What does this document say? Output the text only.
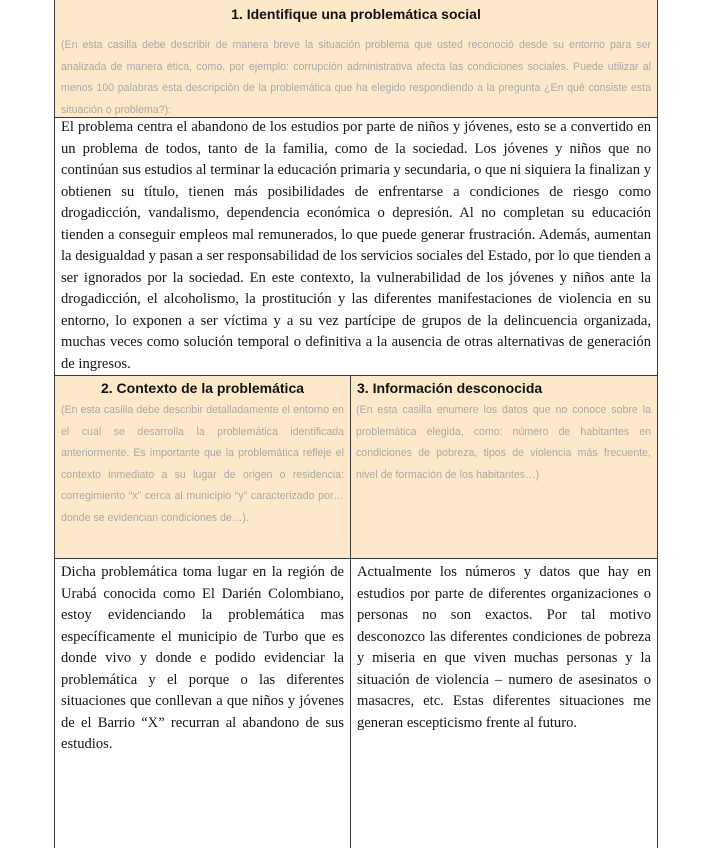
1. Identifique una problemática social
(En esta casilla debe describir de manera breve la situación problema que usted reconoció desde su entorno para ser analizada de manera ética, como, por ejemplo: corrupción administrativa afecta las condiciones sociales. Puede utilizar al menos 100 palabras esta descripción de la problemática que ha elegido respondiendo a la pregunta ¿En qué consiste esta situación o problema?):
El problema centra el abandono de los estudios por parte de niños y jóvenes, esto se a convertido en un problema de todos, tanto de la familia, como de la sociedad. Los jóvenes y niños que no continúan sus estudios al terminar la educación primaria y secundaria, o que ni siquiera la finalizan y obtienen su título, tienen más posibilidades de enfrentarse a condiciones de riesgo como drogadicción, vandalismo, dependencia económica o depresión. Al no completan su educación tienden a conseguir empleos mal remunerados, lo que puede generar frustración. Además, aumentan la desigualdad y pasan a ser responsabilidad de los servicios sociales del Estado, por lo que tienden a ser ignorados por la sociedad. En este contexto, la vulnerabilidad de los jóvenes y niños ante la drogadicción, el alcoholismo, la prostitución y las diferentes manifestaciones de violencia en su entorno, lo exponen a ser víctima y a su vez partícipe de grupos de la delincuencia organizada, muchas veces como solución temporal o definitiva a la ausencia de otras alternativas de generación de ingresos.
2. Contexto de la problemática
(En esta casilla debe describir detalladamente el entorno en el cual se desarrolla la problemática identificada anteriormente. Es importante que la problemática refleje el contexto inmediato a su lugar de origen o residencia: corregimiento “x” cerca al municipio “y” caracterizado por… donde se evidencian condiciones de…).
3. Información desconocida
(En esta casilla enumere los datos que no conoce sobre la problemática elegida, como: número de habitantes en condiciones de pobreza, tipos de violencia más frecuente, nivel de formación de los habitantes…)
Dicha problemática toma lugar en la región de Urabá conocida como El Darién Colombiano, estoy evidenciando la problemática mas específicamente el municipio de Turbo que es donde vivo y donde e podido evidenciar la problemática y el porque o las diferentes situaciones que conllevan a que niños y jóvenes de el Barrio “X” recurran al abandono de sus estudios.
Actualmente los números y datos que hay en estudios por parte de diferentes organizaciones o personas no son exactos. Por tal motivo desconozco las diferentes condiciones de pobreza y miseria en que viven muchas personas y la situación de violencia – numero de asesinatos o masacres, etc. Estas diferentes situaciones me generan escepticismo frente al futuro.
